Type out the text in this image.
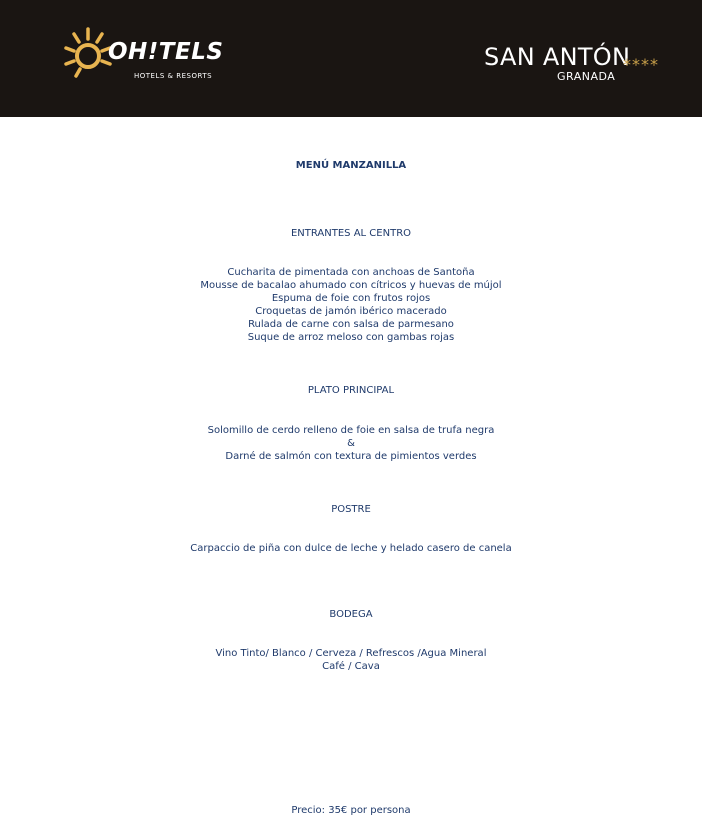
OH!TELS
HOTELS & RESORTS
SAN ANTÓN
****
GRANADA
MENÚ MANZANILLA
ENTRANTES AL CENTRO
Cucharita de pimentada con anchoas de Santoña
Mousse de bacalao ahumado con cítricos y huevas de mújol
Espuma de foie con frutos rojos
Croquetas de jamón ibérico macerado
Rulada de carne con salsa de parmesano
Suque de arroz meloso con gambas rojas
PLATO PRINCIPAL
Solomillo de cerdo relleno de foie en salsa de trufa negra
&
Darné de salmón con textura de pimientos verdes
POSTRE
Carpaccio de piña con dulce de leche y helado casero de canela
BODEGA
Vino Tinto/ Blanco / Cerveza / Refrescos /Agua Mineral
Café / Cava
Precio: 35€ por persona
